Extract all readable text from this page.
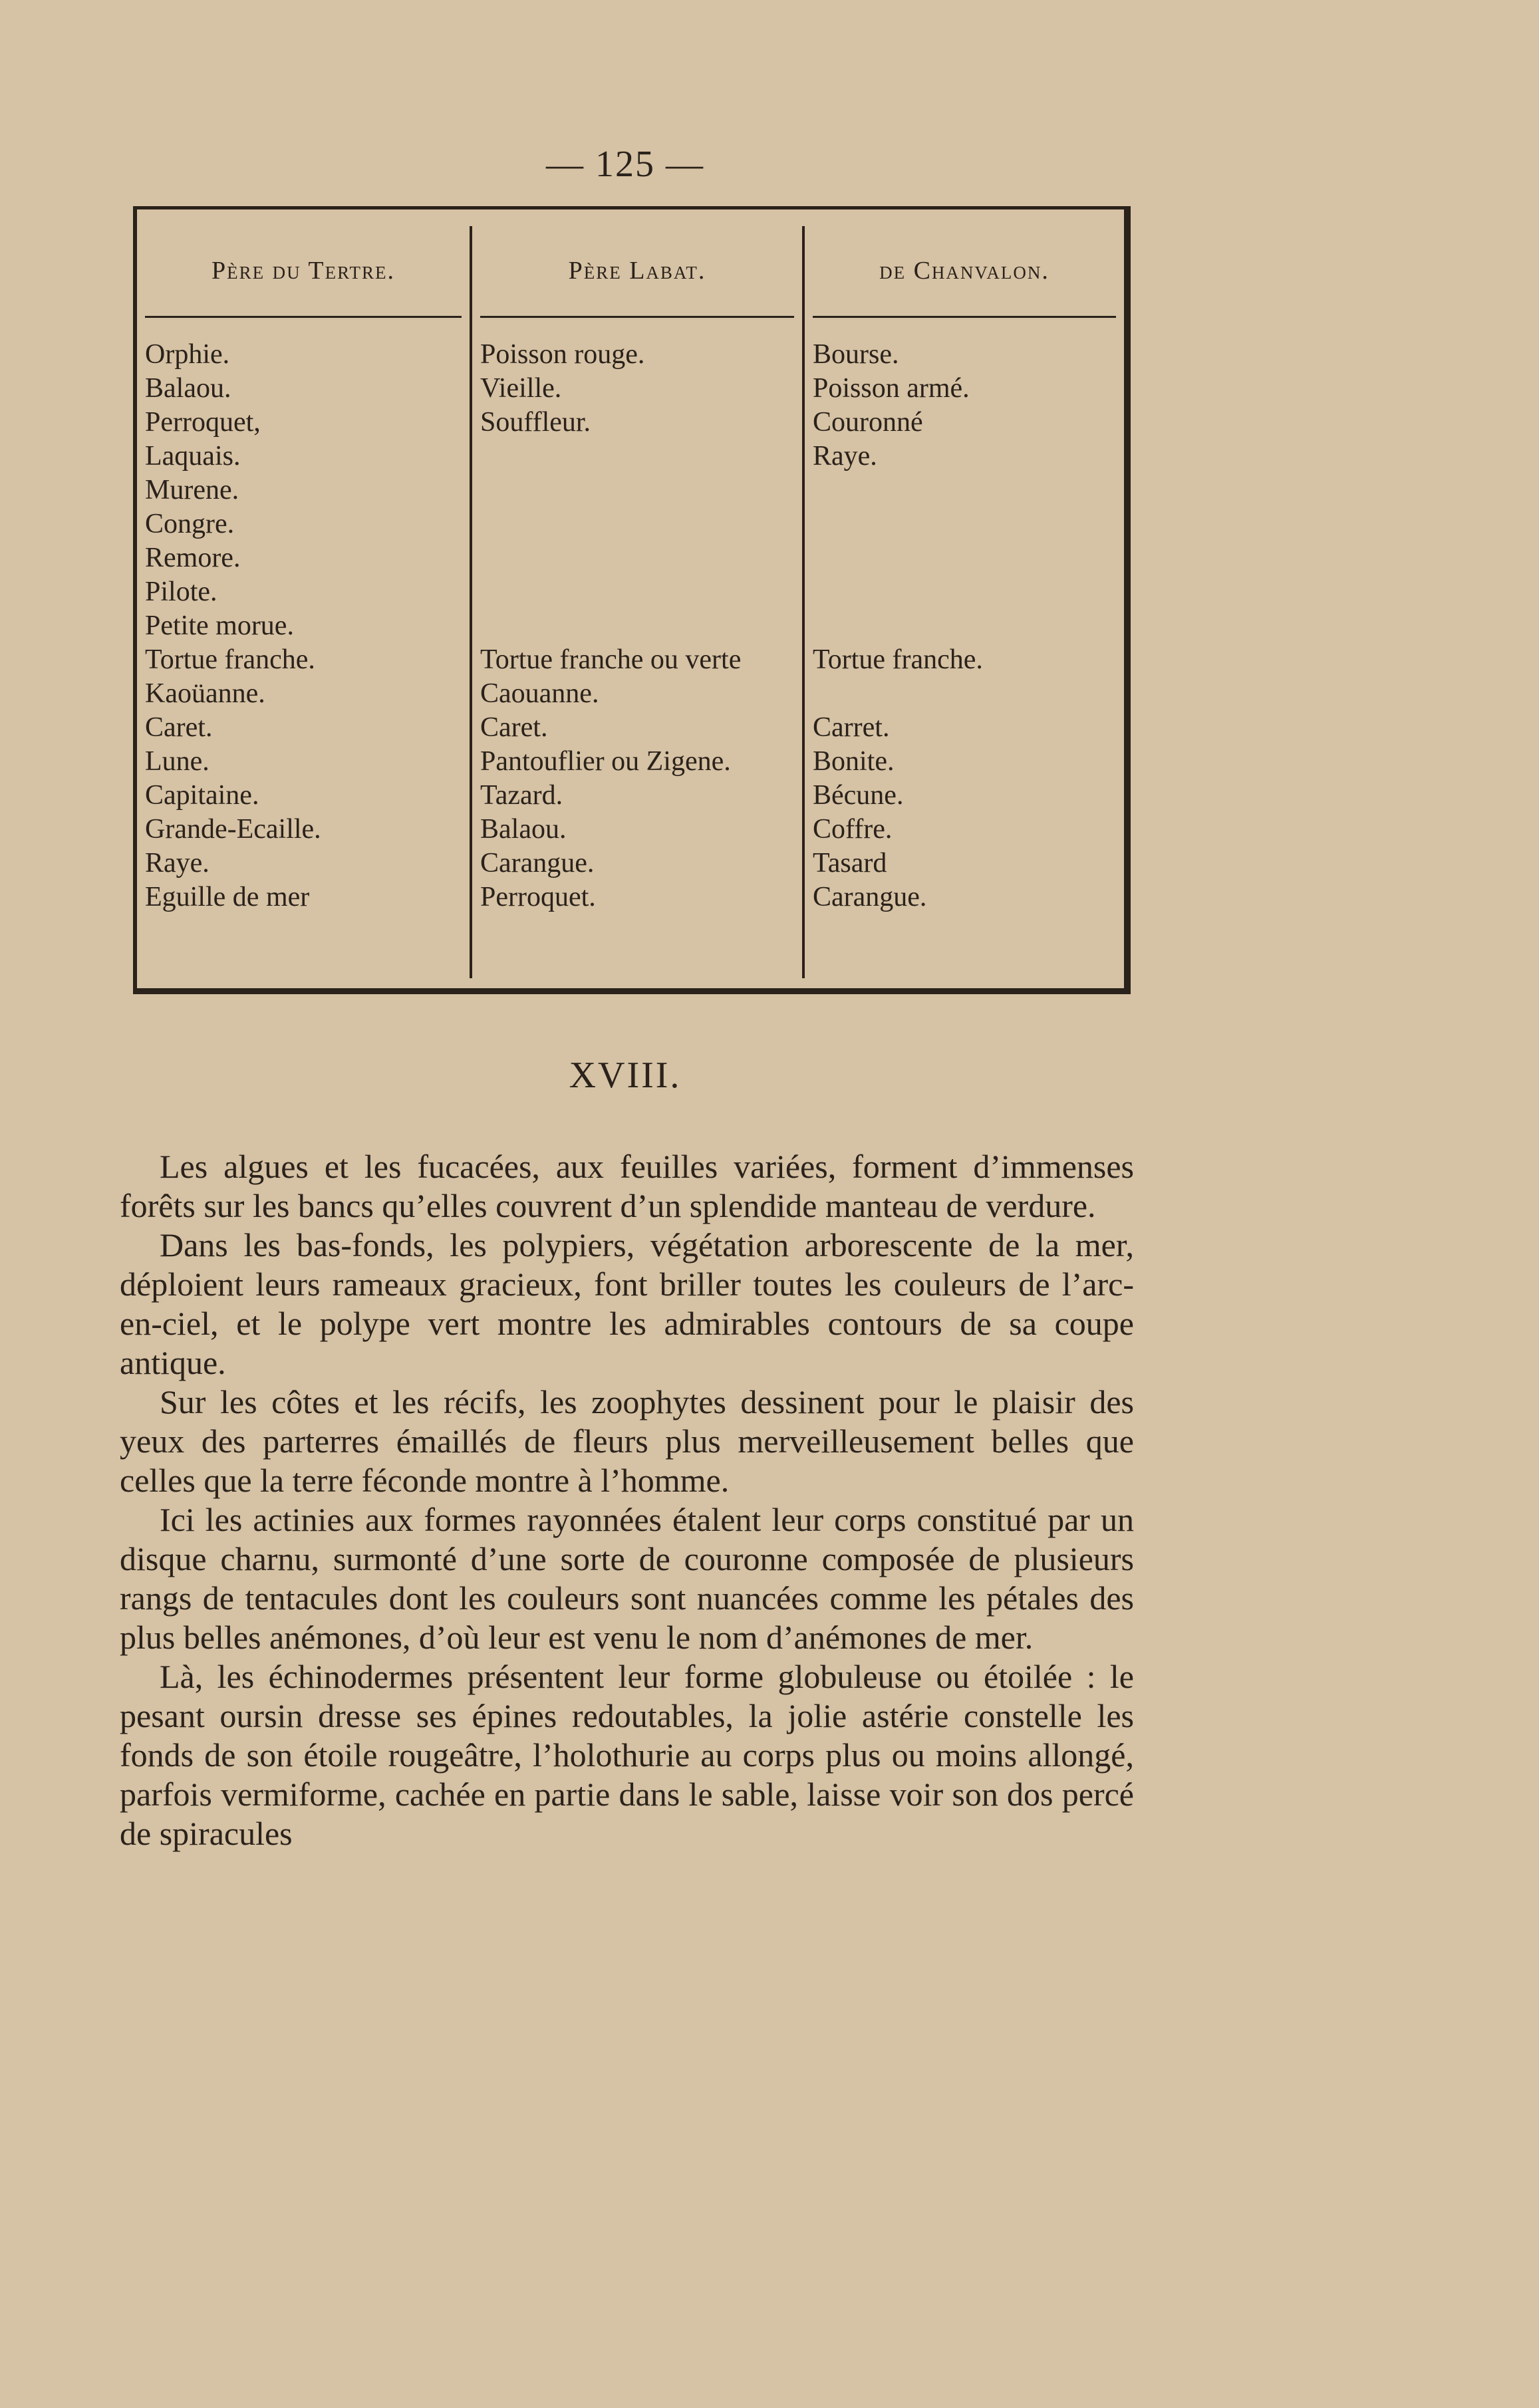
— 125 —
Père du Tertre.
Orphie.
Balaou.
Perroquet,
Laquais.
Murene.
Congre.
Remore.
Pilote.
Petite morue.
Tortue franche.
Kaoüanne.
Caret.
Lune.
Capitaine.
Grande-Ecaille.
Raye.
Eguille de mer
Père Labat.
Poisson rouge.
Vieille.
Souffleur.
Tortue franche ou verte
Caouanne.
Caret.
Pantouflier ou Zigene.
Tazard.
Balaou.
Carangue.
Perroquet.
de Chanvalon.
Bourse.
Poisson armé.
Couronné
Raye.
Tortue franche.
Carret.
Bonite.
Bécune.
Coffre.
Tasard
Carangue.
XVIII.

Les algues et les fucacées, aux feuilles variées, forment d’immenses forêts sur les bancs qu’elles couvrent d’un splendide manteau de verdure.

Dans les bas-fonds, les polypiers, végétation arborescente de la mer, déploient leurs rameaux gracieux, font briller toutes les couleurs de l’arc-en-ciel, et le polype vert montre les admirables contours de sa coupe antique.

Sur les côtes et les récifs, les zoophytes dessinent pour le plaisir des yeux des parterres émaillés de fleurs plus merveilleusement belles que celles que la terre féconde montre à l’homme.

Ici les actinies aux formes rayonnées étalent leur corps constitué par un disque charnu, surmonté d’une sorte de couronne composée de plusieurs rangs de tentacules dont les couleurs sont nuancées comme les pétales des plus belles anémones, d’où leur est venu le nom d’anémones de mer.

Là, les échinodermes présentent leur forme globuleuse ou étoilée : le pesant oursin dresse ses épines redoutables, la jolie astérie constelle les fonds de son étoile rougeâtre, l’holothurie au corps plus ou moins allongé, parfois vermiforme, cachée en partie dans le sable, laisse voir son dos percé de spiracules
